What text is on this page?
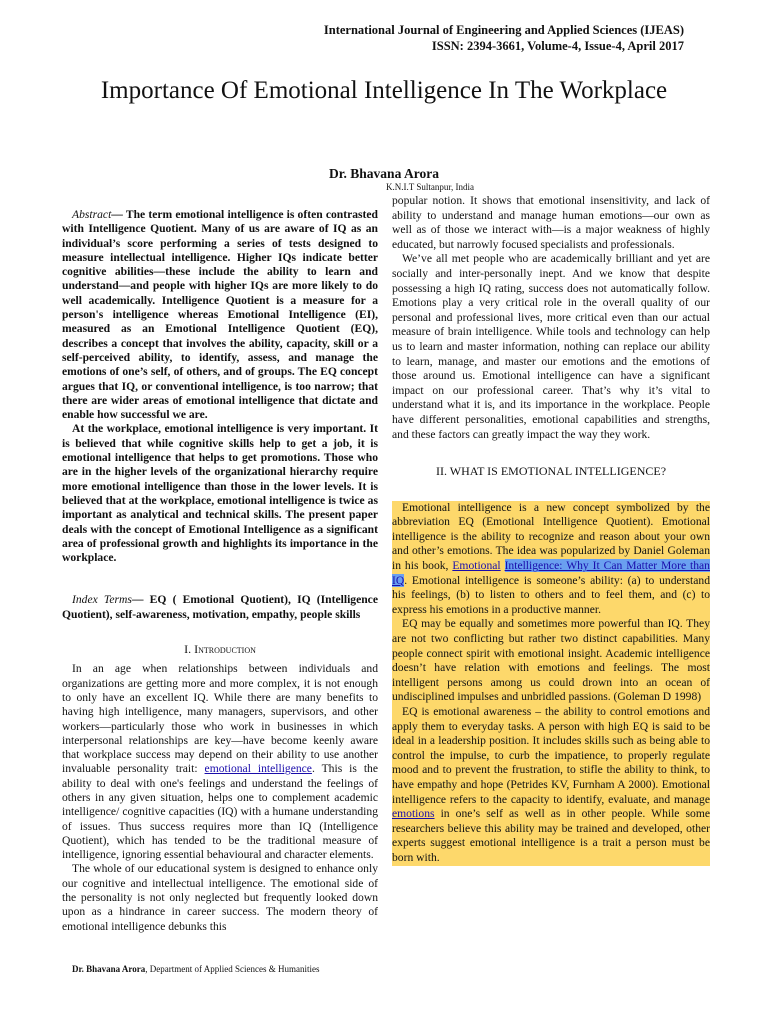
International Journal of Engineering and Applied Sciences (IJEAS)
ISSN: 2394-3661, Volume-4, Issue-4, April 2017
Importance Of Emotional Intelligence In The Workplace
Dr. Bhavana Arora
K.N.I.T Sultanpur, India

Abstract— The term emotional intelligence is often contrasted with Intelligence Quotient. Many of us are aware of IQ as an individual’s score performing a series of tests designed to measure intellectual intelligence. Higher IQs indicate better cognitive abilities—these include the ability to learn and understand—and people with higher IQs are more likely to do well academically. Intelligence Quotient is a measure for a person's intelligence whereas Emotional Intelligence (EI), measured as an Emotional Intelligence Quotient (EQ), describes a concept that involves the ability, capacity, skill or a self-perceived ability, to identify, assess, and manage the emotions of one’s self, of others, and of groups. The EQ concept argues that IQ, or conventional intelligence, is too narrow; that there are wider areas of emotional intelligence that dictate and enable how successful we are.

At the workplace, emotional intelligence is very important. It is believed that while cognitive skills help to get a job, it is emotional intelligence that helps to get promotions. Those who are in the higher levels of the organizational hierarchy require more emotional intelligence than those in the lower levels. It is believed that at the workplace, emotional intelligence is twice as important as analytical and technical skills. The present paper deals with the concept of Emotional Intelligence as a significant area of professional growth and highlights its importance in the workplace.

Index Terms— EQ ( Emotional Quotient), IQ (Intelligence Quotient), self-awareness, motivation, empathy, people skills

I. Introduction

In an age when relationships between individuals and organizations are getting more and more complex, it is not enough to only have an excellent IQ. While there are many benefits to having high intelligence, many managers, supervisors, and other workers—particularly those who work in businesses in which interpersonal relationships are key—have become keenly aware that workplace success may depend on their ability to use another invaluable personality trait: emotional intelligence. This is the ability to deal with one's feelings and understand the feelings of others in any given situation, helps one to complement academic intelligence/ cognitive capacities (IQ) with a humane understanding of issues. Thus success requires more than IQ (Intelligence Quotient), which has tended to be the traditional measure of intelligence, ignoring essential behavioural and character elements.

The whole of our educational system is designed to enhance only our cognitive and intellectual intelligence. The emotional side of the personality is not only neglected but frequently looked down upon as a hindrance in career success. The modern theory of emotional intelligence debunks this

popular notion. It shows that emotional insensitivity, and lack of ability to understand and manage human emotions—our own as well as of those we interact with—is a major weakness of highly educated, but narrowly focused specialists and professionals.

We’ve all met people who are academically brilliant and yet are socially and inter-personally inept. And we know that despite possessing a high IQ rating, success does not automatically follow. Emotions play a very critical role in the overall quality of our personal and professional lives, more critical even than our actual measure of brain intelligence. While tools and technology can help us to learn and master information, nothing can replace our ability to learn, manage, and master our emotions and the emotions of those around us. Emotional intelligence can have a significant impact on our professional career. That’s why it’s vital to understand what it is, and its importance in the workplace. People have different personalities, emotional capabilities and strengths, and these factors can greatly impact the way they work.

II. WHAT IS EMOTIONAL INTELLIGENCE?

Emotional intelligence is a new concept symbolized by the abbreviation EQ (Emotional Intelligence Quotient). Emotional intelligence is the ability to recognize and reason about your own and other’s emotions. The idea was popularized by Daniel Goleman in his book, Emotional Intelligence: Why It Can Matter More than IQ. Emotional intelligence is someone’s ability: (a) to understand his feelings, (b) to listen to others and to feel them, and (c) to express his emotions in a productive manner.

EQ may be equally and sometimes more powerful than IQ. They are not two conflicting but rather two distinct capabilities. Many people connect spirit with emotional insight. Academic intelligence doesn’t have relation with emotions and feelings. The most intelligent persons among us could drown into an ocean of undisciplined impulses and unbridled passions. (Goleman D 1998)

EQ is emotional awareness – the ability to control emotions and apply them to everyday tasks. A person with high EQ is said to be ideal in a leadership position. It includes skills such as being able to control the impulse, to curb the impatience, to properly regulate mood and to prevent the frustration, to stifle the ability to think, to have empathy and hope (Petrides KV, Furnham A 2000). Emotional intelligence refers to the capacity to identify, evaluate, and manage emotions in one’s self as well as in other people. While some researchers believe this ability may be trained and developed, other experts suggest emotional intelligence is a trait a person must be born with.

Dr. Bhavana Arora, Department of Applied Sciences & Humanities
